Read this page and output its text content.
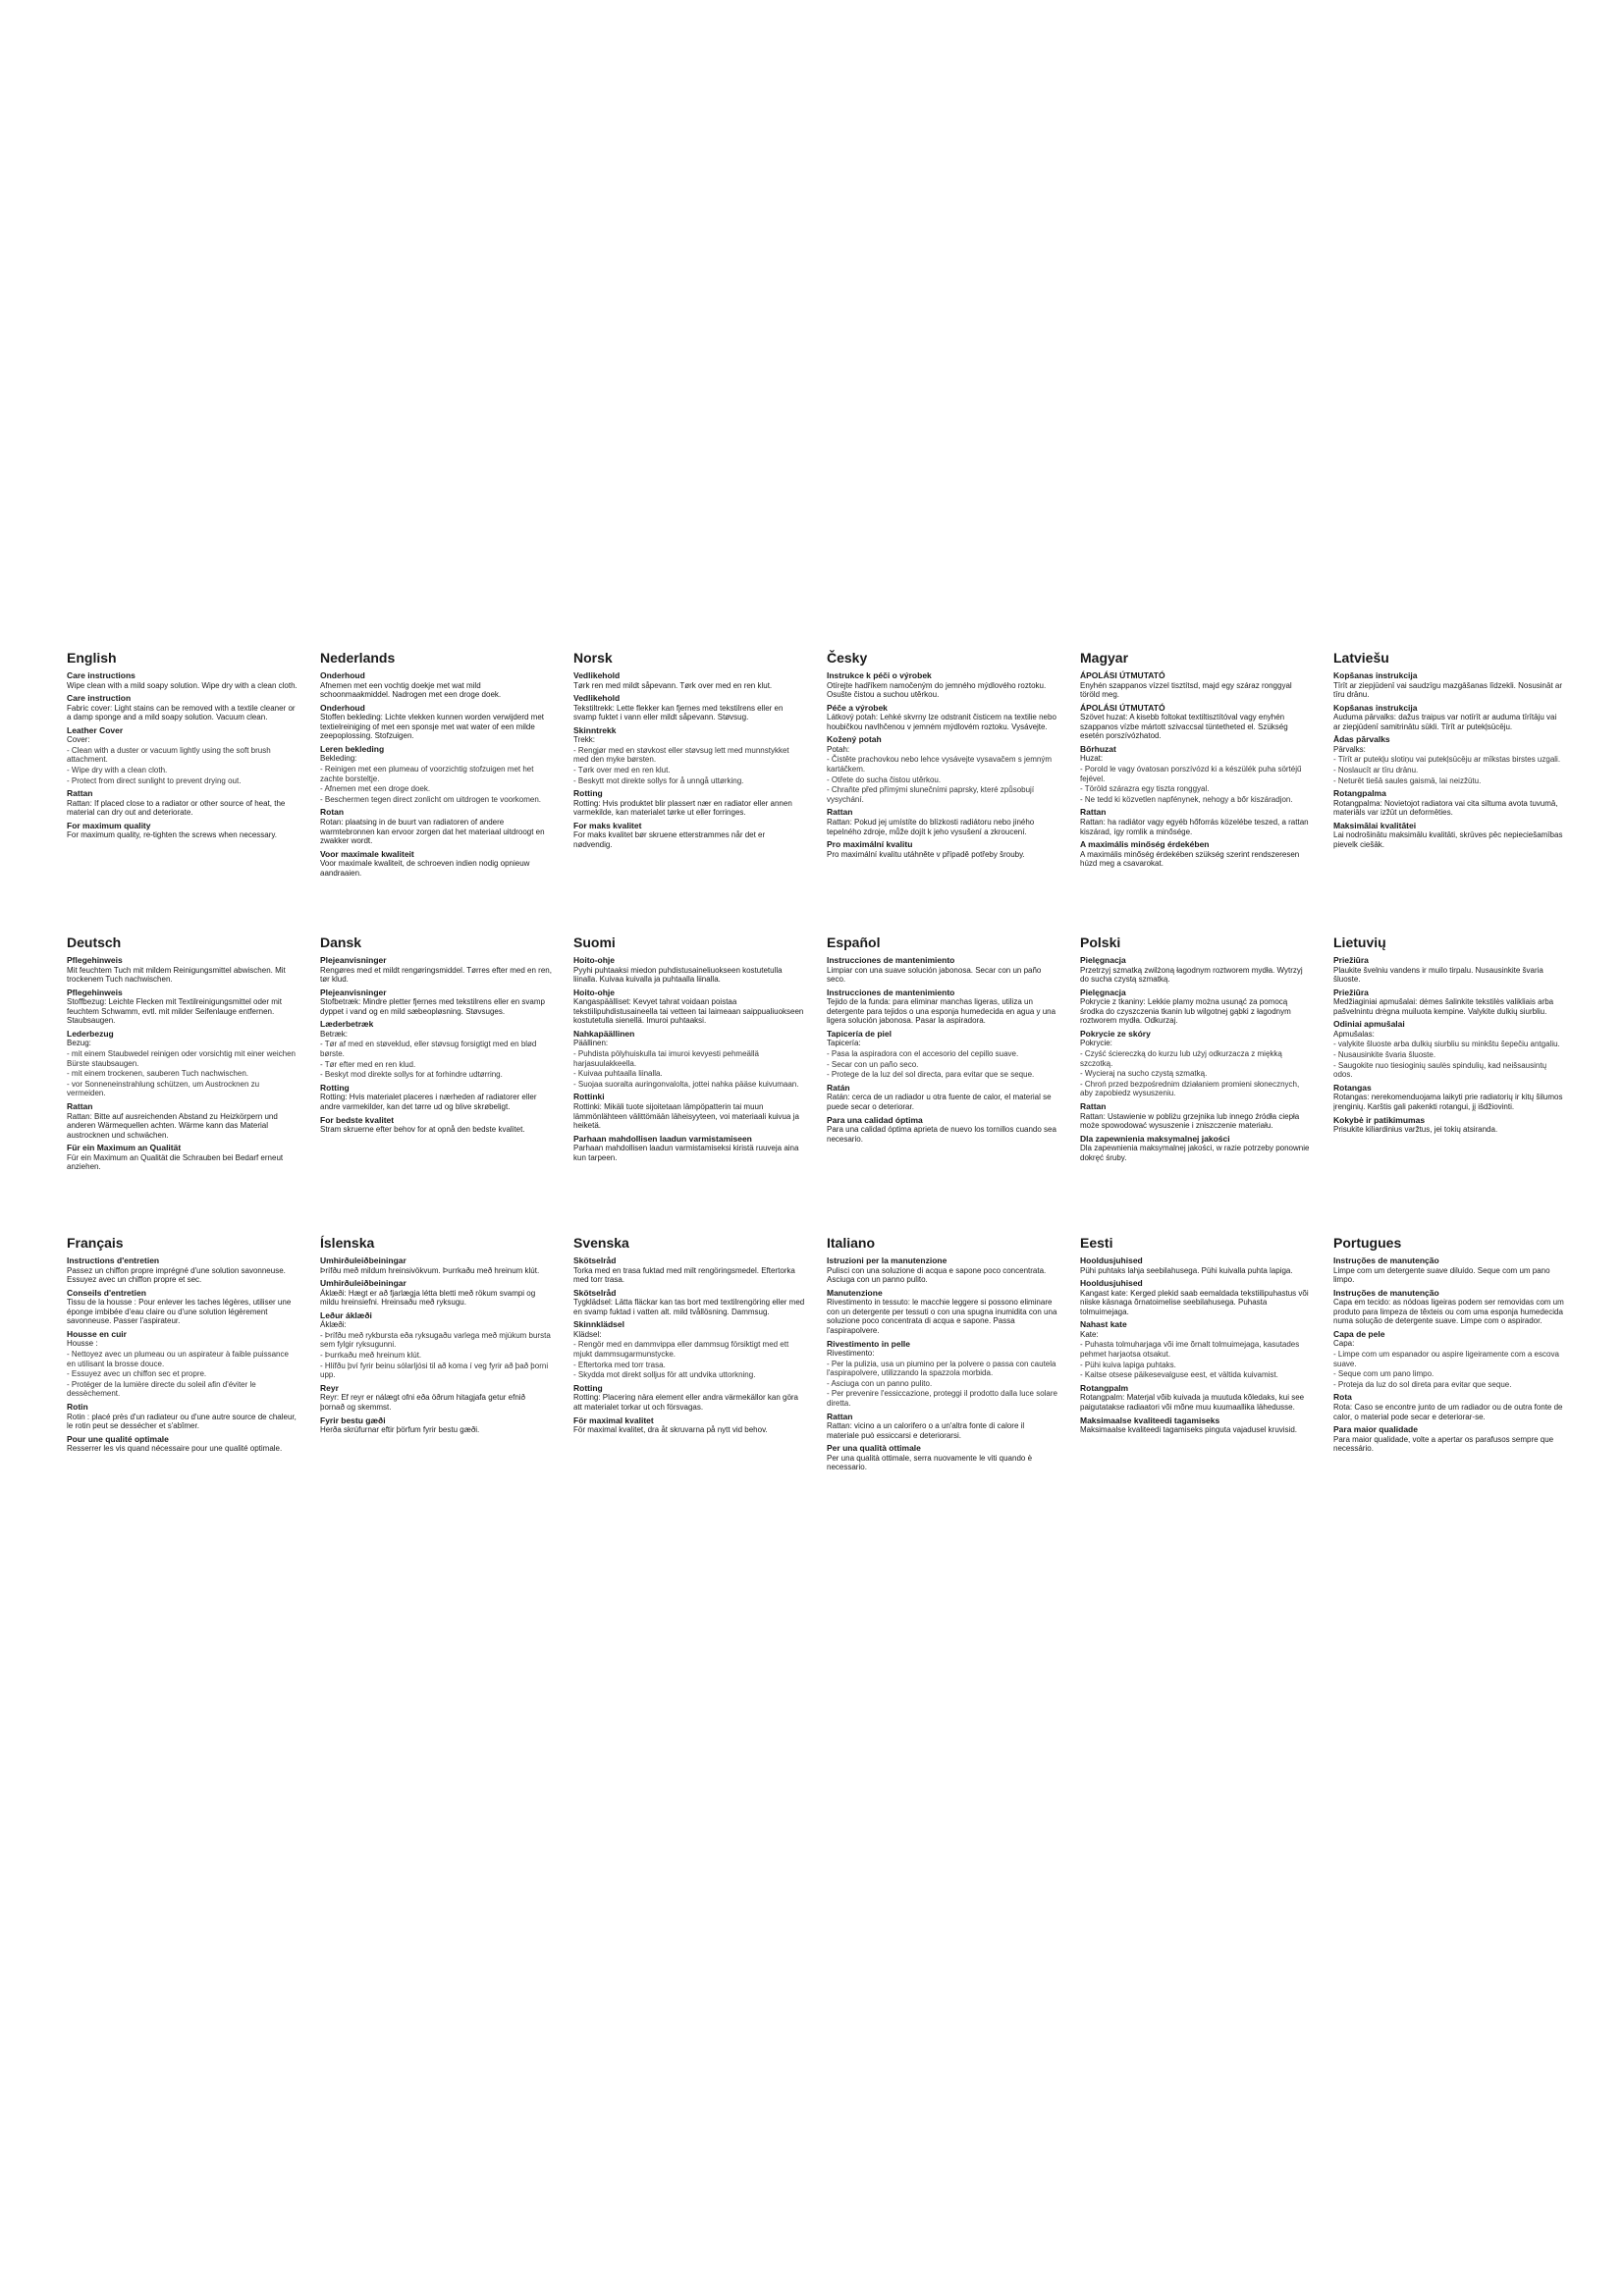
English
Care instructions
Wipe clean with a mild soapy solution. Wipe dry with a clean cloth.
Care instruction
Fabric cover: Light stains can be removed with a textile cleaner or a damp sponge and a mild soapy solution. Vacuum clean.
Leather Cover
Cover:
- Clean with a duster or vacuum lightly using the soft brush attachment.
- Wipe dry with a clean cloth.
- Protect from direct sunlight to prevent drying out.
Rattan
Rattan: If placed close to a radiator or other source of heat, the material can dry out and deteriorate.
For maximum quality
For maximum quality, re-tighten the screws when necessary.
Nederlands
Onderhoud
Afnemen met een vochtig doekje met wat mild schoonmaakmiddel. Nadrogen met een droge doek.
Onderhoud
Stoffen bekleding: Lichte vlekken kunnen worden verwijderd met textielreiniging of met een sponsje met wat water of een milde zeepoplossing. Stofzuigen.
Leren bekleding
Bekleding:
- Reinigen met een plumeau of voorzichtig stofzuigen met het zachte borsteltje.
- Afnemen met een droge doek.
- Beschermen tegen direct zonlicht om uitdrogen te voorkomen.
Rotan
Rotan: plaatsing in de buurt van radiatoren of andere warmtebronnen kan ervoor zorgen dat het materiaal uitdroogt en zwakker wordt.
Voor maximale kwaliteit
Voor maximale kwaliteit, de schroeven indien nodig opnieuw aandraaien.
Norsk
Vedlikehold
Tørk ren med mildt såpevann. Tørk over med en ren klut.
Vedlikehold
Tekstiltrekk: Lette flekker kan fjernes med tekstilrens eller en svamp fuktet i vann eller mildt såpevann. Støvsug.
Skinntrekk
Trekk:
- Rengjør med en støvkost eller støvsug lett med munnstykket med den myke børsten.
- Tørk over med en ren klut.
- Beskytt mot direkte sollys for å unngå uttørking.
Rotting
Rotting: Hvis produktet blir plassert nær en radiator eller annen varmekilde, kan materialet tørke ut eller forringes.
For maks kvalitet
For maks kvalitet bør skruene etterstrammes når det er nødvendig.
Česky
Instrukce k péči o výrobek
Otírejte hadříkem namočeným do jemného mýdlového roztoku. Osušte čistou a suchou utěrkou.
Péče a výrobek
Látkový potah: Lehké skvrny lze odstranit čisticem na textilie nebo houbičkou navlhčenou v jemném mýdlovém roztoku. Vysávejte.
Kožený potah
Potah:
- Čistěte prachovkou nebo lehce vysávejte vysavačem s jemným kartáčkem.
- Otřete do sucha čistou utěrkou.
- Chraňte před přímými slunečními paprsky, které způsobují vysychání.
Rattan
Rattan: Pokud jej umístíte do blízkosti radiátoru nebo jiného tepelného zdroje, může dojít k jeho vysušení a zkroucení.
Pro maximální kvalitu
Pro maximální kvalitu utáhněte v případě potřeby šrouby.
Magyar
ÁPOLÁSI ÚTMUTATÓ
Enyhén szappanos vízzel tisztítsd, majd egy száraz ronggyal töröld meg.
ÁPOLÁSI ÚTMUTATÓ
Szövet huzat: A kisebb foltokat textiltisztítóval vagy enyhén szappanos vízbe mártott szivaccsal tüntetheted el. Szükség esetén porszívózhatod.
Bőrhuzat
Huzat:
- Porold le vagy óvatosan porszívózd ki a készülék puha sörtéjű fejével.
- Töröld szárazra egy tiszta ronggyal.
- Ne tedd ki közvetlen napfénynek, nehogy a bőr kiszáradjon.
Rattan
Rattan: ha radiátor vagy egyéb hőforrás közelébe teszed, a rattan kiszárad, így romlik a minősége.
A maximális minőség érdekében
A maximális minőség érdekében szükség szerint rendszeresen húzd meg a csavarokat.
Latviešu
Kopšanas instrukcija
Tīrīt ar ziepjūdenī vai saudzīgu mazgāšanas līdzekli. Nosusināt ar tīru drānu.
Kopšanas instrukcija
Auduma pārvalks: dažus traipus var notīrīt ar auduma tīrītāju vai ar ziepjūdenī samitrinātu sūkli. Tīrīt ar putekļsūcēju.
Ādas pārvalks
Pārvalks:
- Tīrīt ar putekļu slotiņu vai putekļsūcēju ar mīkstas birstes uzgali.
- Noslaucīt ar tīru drānu.
- Neturēt tiešā saules gaismā, lai neizžūtu.
Rotangpalma
Rotangpalma: Novietojot radiatora vai cita siltuma avota tuvumā, materiāls var izžūt un deformēties.
Maksimālai kvalitātei
Lai nodrošinātu maksimālu kvalitāti, skrūves pēc nepieciešamības pievelk ciešāk.
Deutsch
Pflegehinweis
Mit feuchtem Tuch mit mildem Reinigungsmittel abwischen. Mit trockenem Tuch nachwischen.
Pflegehinweis
Stoffbezug: Leichte Flecken mit Textilreinigungsmittel oder mit feuchtem Schwamm, evtl. mit milder Seifenlauge entfernen. Staubsaugen.
Lederbezug
Bezug:
- mit einem Staubwedel reinigen oder vorsichtig mit einer weichen Bürste staubsaugen.
- mit einem trockenen, sauberen Tuch nachwischen.
- vor Sonneneinstrahlung schützen, um Austrocknen zu vermeiden.
Rattan
Rattan: Bitte auf ausreichenden Abstand zu Heizkörpern und anderen Wärmequellen achten. Wärme kann das Material austrocknen und schwächen.
Für ein Maximum an Qualität
Für ein Maximum an Qualität die Schrauben bei Bedarf erneut anziehen.
Dansk
Plejeanvisninger
Rengøres med et mildt rengøringsmiddel. Tørres efter med en ren, tør klud.
Plejeanvisninger
Stofbetræk: Mindre pletter fjernes med tekstilrens eller en svamp dyppet i vand og en mild sæbeopløsning. Støvsuges.
Læderbetræk
Betræk:
- Tør af med en støveklud, eller støvsug forsigtigt med en blød børste.
- Tør efter med en ren klud.
- Beskyt mod direkte sollys for at forhindre udtørring.
Rotting
Rotting: Hvis materialet placeres i nærheden af radiatorer eller andre varmekilder, kan det tørre ud og blive skrøbeligt.
For bedste kvalitet
Stram skruerne efter behov for at opnå den bedste kvalitet.
Suomi
Hoito-ohje
Pyyhi puhtaaksi miedon puhdistusaineliuokseen kostutetulla liinalla. Kuivaa kuivalla ja puhtaalla liinalla.
Hoito-ohje
Kangaspäälliset: Kevyet tahrat voidaan poistaa tekstiilipuhdistusaineella tai vetteen tai laimeaan saippualiuokseen kostutetulla sienellä. Imuroi puhtaaksi.
Nahkapäällinen
Päällinen:
- Puhdista pölyhuiskulla tai imuroi kevyesti pehmeällä harjasuulakkeella.
- Kuivaa puhtaalla liinalla.
- Suojaa suoralta auringonvalolta, jottei nahka pääse kuivumaan.
Rottinki
Rottinki: Mikäli tuote sijoitetaan lämpöpatterin tai muun lämmönlähteen välittömään läheisyyteen, voi materiaali kuivua ja heiketä.
Parhaan mahdollisen laadun varmistamiseen
Parhaan mahdollisen laadun varmistamiseksi kiristä ruuveja aina kun tarpeen.
Español
Instrucciones de mantenimiento
Limpiar con una suave solución jabonosa. Secar con un paño seco.
Instrucciones de mantenimiento
Tejido de la funda: para eliminar manchas ligeras, utiliza un detergente para tejidos o una esponja humedecida en agua y una ligera solución jabonosa. Pasar la aspiradora.
Tapicería de piel
Tapicería:
- Pasa la aspiradora con el accesorio del cepillo suave.
- Secar con un paño seco.
- Protege de la luz del sol directa, para evitar que se seque.
Ratán
Ratán: cerca de un radiador u otra fuente de calor, el material se puede secar o deteriorar.
Para una calidad óptima
Para una calidad óptima aprieta de nuevo los tornillos cuando sea necesario.
Polski
Pielęgnacja
Przetrzyj szmatką zwilżoną łagodnym roztworem mydła. Wytrzyj do sucha czystą szmatką.
Pielęgnacja
Pokrycie z tkaniny: Lekkie plamy można usunąć za pomocą środka do czyszczenia tkanin lub wilgotnej gąbki z łagodnym roztworem mydła. Odkurzaj.
Pokrycie ze skóry
Pokrycie:
- Czyść ściereczką do kurzu lub użyj odkurzacza z miękką szczotką.
- Wycieraj na sucho czystą szmatką.
- Chroń przed bezpośrednim działaniem promieni słonecznych, aby zapobiedz wysuszeniu.
Rattan
Rattan: Ustawienie w pobliżu grzejnika lub innego źródła ciepła może spowodować wysuszenie i zniszczenie materiału.
Dla zapewnienia maksymalnej jakości
Dla zapewnienia maksymalnej jakości, w razie potrzeby ponownie dokręć śruby.
Lietuvių
Priežiūra
Plaukite švelniu vandens ir muilo tirpalu. Nusausinkite švaria šluoste.
Priežiūra
Medžiaginiai apmušalai: dėmes šalinkite tekstilės valikliais arba pašvelnintu drėgna muiluota kempine. Valykite dulkių siurbliu.
Odiniai apmušalai
Apmušalas:
- valykite šluoste arba dulkių siurbliu su minkštu šepečiu antgaliu.
- Nusausinkite švaria šluoste.
- Saugokite nuo tiesioginių saulės spindulių, kad neišsausintų odos.
Rotangas
Rotangas: nerekomenduojama laikyti prie radiatorių ir kitų šilumos įrenginių. Karštis gali pakenkti rotangui, jį išdžiovinti.
Kokybė ir patikimumas
Prisukite kiliardinius varžtus, jei tokių atsiranda.
Français
Instructions d'entretien
Passez un chiffon propre imprégné d'une solution savonneuse. Essuyez avec un chiffon propre et sec.
Conseils d'entretien
Tissu de la housse : Pour enlever les taches légères, utiliser une éponge imbibée d'eau claire ou d'une solution légèrement savonneuse. Passer l'aspirateur.
Housse en cuir
Housse :
- Nettoyez avec un plumeau ou un aspirateur à faible puissance en utilisant la brosse douce.
- Essuyez avec un chiffon sec et propre.
- Protéger de la lumière directe du soleil afin d'éviter le dessèchement.
Rotin
Rotin : placé près d'un radiateur ou d'une autre source de chaleur, le rotin peut se dessécher et s'abîmer.
Pour une qualité optimale
Resserrer les vis quand nécessaire pour une qualité optimale.
Íslenska
Umhirðuleiðbeiningar
Þrífðu með mildum hreinsivökvum. Þurrkaðu með hreinum klút.
Umhirðuleiðbeiningar
Áklæði: Hægt er að fjarlægja létta bletti með rökum svampi og mildu hreinsiefni. Hreinsaðu með ryksugu.
Leður áklæði
Áklæði:
- Þrífðu með rykbursta eða ryksugaðu varlega með mjúkum bursta sem fylgir ryksugunni.
- Þurrkaðu með hreinum klút.
- Hlífðu því fyrir beinu sólarljósi til að koma í veg fyrir að það þorni upp.
Reyr
Reyr: Ef reyr er nálægt ofni eða öðrum hitagjafa getur efnið þornað og skemmst.
Fyrir bestu gæði
Herða skrúfurnar eftir þörfum fyrir bestu gæði.
Svenska
Skötselråd
Torka med en trasa fuktad med milt rengöringsmedel. Eftertorka med torr trasa.
Skötselråd
Tygklädsel: Lätta fläckar kan tas bort med textilrengöring eller med en svamp fuktad i vatten alt. mild tvållösning. Dammsug.
Skinnklädsel
Klädsel:
- Rengör med en dammvippa eller dammsug försiktigt med ett mjukt dammsugarmunstycke.
- Eftertorka med torr trasa.
- Skydda mot direkt solljus för att undvika uttorkning.
Rotting
Rotting: Placering nära element eller andra värmekällor kan göra att materialet torkar ut och försvagas.
För maximal kvalitet
För maximal kvalitet, dra åt skruvarna på nytt vid behov.
Italiano
Istruzioni per la manutenzione
Pulisci con una soluzione di acqua e sapone poco concentrata. Asciuga con un panno pulito.
Manutenzione
Rivestimento in tessuto: le macchie leggere si possono eliminare con un detergente per tessuti o con una spugna inumidita con una soluzione poco concentrata di acqua e sapone. Passa l'aspirapolvere.
Rivestimento in pelle
Rivestimento:
- Per la pulizia, usa un piumino per la polvere o passa con cautela l'aspirapolvere, utilizzando la spazzola morbida.
- Asciuga con un panno pulito.
- Per prevenire l'essiccazione, proteggi il prodotto dalla luce solare diretta.
Rattan
Rattan: vicino a un calorifero o a un'altra fonte di calore il materiale può essiccarsi e deteriorarsi.
Per una qualità ottimale
Per una qualità ottimale, serra nuovamente le viti quando è necessario.
Eesti
Hooldusjuhised
Pühi puhtaks lahja seebilahusega. Pühi kuivalla puhta lapiga.
Hooldusjuhised
Kangast kate: Kerged plekid saab eemaldada tekstiilipuhastus või niiske käsnaga õrnatoimelise seebilahusega. Puhasta tolmuimejaga.
Nahast kate
Kate:
- Puhasta tolmuharjaga või ime õrnalt tolmuimejaga, kasutades pehmet harjaotsa otsakut.
- Pühi kuiva lapiga puhtaks.
- Kaitse otsese päikesevalguse eest, et vältida kuivamist.
Rotangpalm
Rotangpalm: Materjal võib kuivada ja muutuda kõledaks, kui see paigutatakse radiaatori või mõne muu kuumaallika lähedusse.
Maksimaalse kvaliteedi tagamiseks
Maksimaalse kvaliteedi tagamiseks pinguta vajadusel kruvisid.
Portugues
Instruções de manutenção
Limpe com um detergente suave diluído. Seque com um pano limpo.
Instruções de manutenção
Capa em tecido: as nódoas ligeiras podem ser removidas com um produto para limpeza de têxteis ou com uma esponja humedecida numa solução de detergente suave. Limpe com o aspirador.
Capa de pele
Capa:
- Limpe com um espanador ou aspire ligeiramente com a escova suave.
- Seque com um pano limpo.
- Proteja da luz do sol direta para evitar que seque.
Rota
Rota: Caso se encontre junto de um radiador ou de outra fonte de calor, o material pode secar e deteriorar-se.
Para maior qualidade
Para maior qualidade, volte a apertar os parafusos sempre que necessário.
